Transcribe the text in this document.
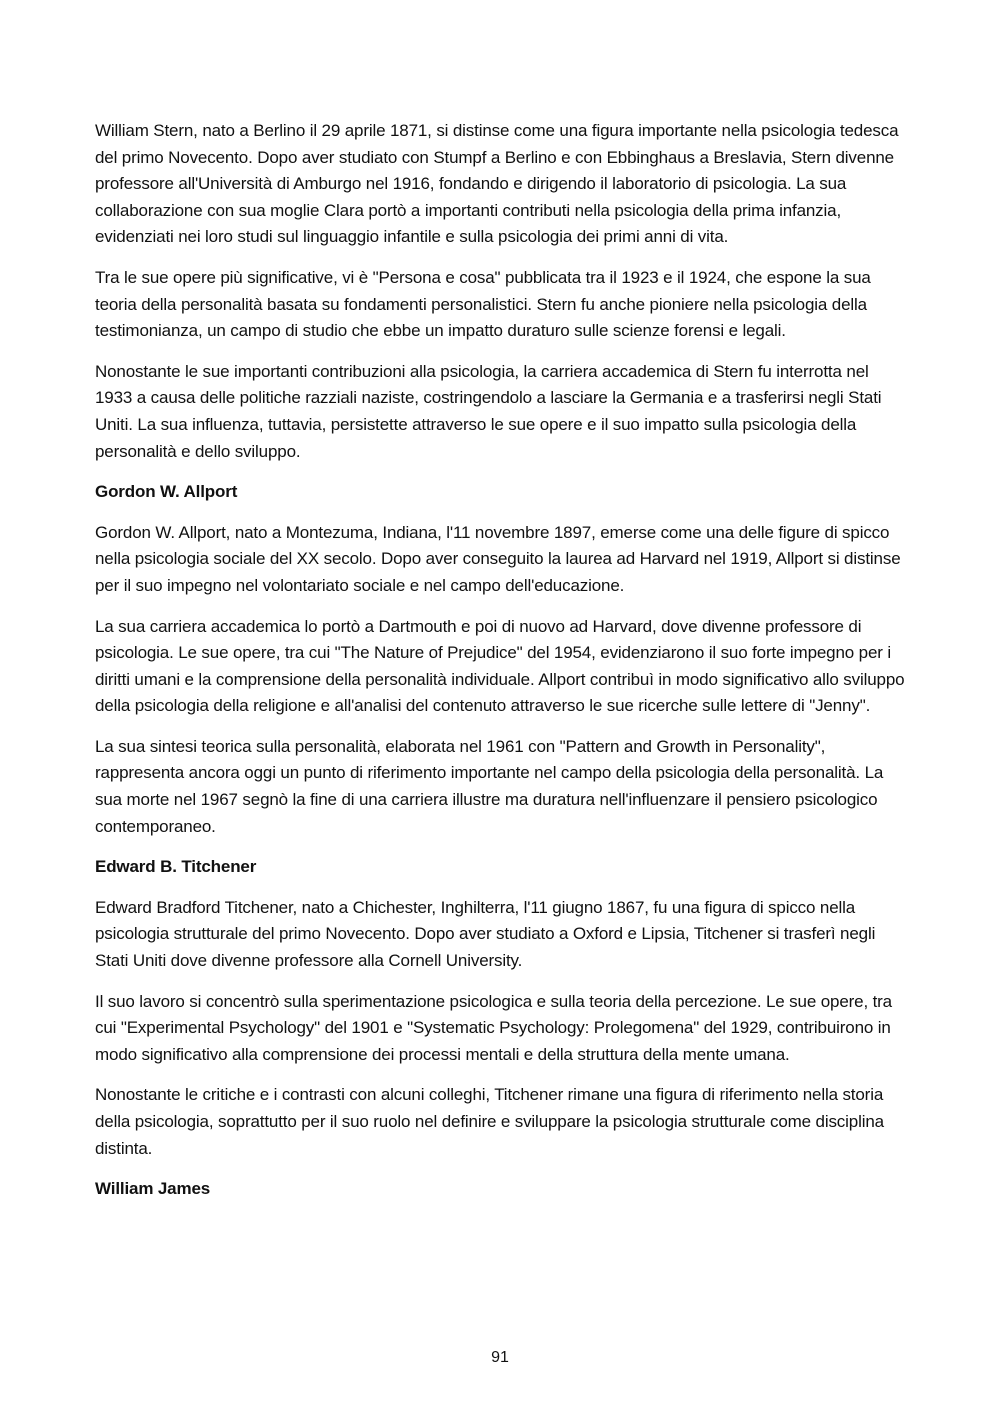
William Stern, nato a Berlino il 29 aprile 1871, si distinse come una figura importante nella psicologia tedesca del primo Novecento. Dopo aver studiato con Stumpf a Berlino e con Ebbinghaus a Breslavia, Stern divenne professore all'Università di Amburgo nel 1916, fondando e dirigendo il laboratorio di psicologia. La sua collaborazione con sua moglie Clara portò a importanti contributi nella psicologia della prima infanzia, evidenziati nei loro studi sul linguaggio infantile e sulla psicologia dei primi anni di vita.

Tra le sue opere più significative, vi è "Persona e cosa" pubblicata tra il 1923 e il 1924, che espone la sua teoria della personalità basata su fondamenti personalistici. Stern fu anche pioniere nella psicologia della testimonianza, un campo di studio che ebbe un impatto duraturo sulle scienze forensi e legali.

Nonostante le sue importanti contribuzioni alla psicologia, la carriera accademica di Stern fu interrotta nel 1933 a causa delle politiche razziali naziste, costringendolo a lasciare la Germania e a trasferirsi negli Stati Uniti. La sua influenza, tuttavia, persistette attraverso le sue opere e il suo impatto sulla psicologia della personalità e dello sviluppo.

Gordon W. Allport

Gordon W. Allport, nato a Montezuma, Indiana, l'11 novembre 1897, emerse come una delle figure di spicco nella psicologia sociale del XX secolo. Dopo aver conseguito la laurea ad Harvard nel 1919, Allport si distinse per il suo impegno nel volontariato sociale e nel campo dell'educazione.

La sua carriera accademica lo portò a Dartmouth e poi di nuovo ad Harvard, dove divenne professore di psicologia. Le sue opere, tra cui "The Nature of Prejudice" del 1954, evidenziarono il suo forte impegno per i diritti umani e la comprensione della personalità individuale. Allport contribuì in modo significativo allo sviluppo della psicologia della religione e all'analisi del contenuto attraverso le sue ricerche sulle lettere di "Jenny".

La sua sintesi teorica sulla personalità, elaborata nel 1961 con "Pattern and Growth in Personality", rappresenta ancora oggi un punto di riferimento importante nel campo della psicologia della personalità. La sua morte nel 1967 segnò la fine di una carriera illustre ma duratura nell'influenzare il pensiero psicologico contemporaneo.

Edward B. Titchener

Edward Bradford Titchener, nato a Chichester, Inghilterra, l'11 giugno 1867, fu una figura di spicco nella psicologia strutturale del primo Novecento. Dopo aver studiato a Oxford e Lipsia, Titchener si trasferì negli Stati Uniti dove divenne professore alla Cornell University.

Il suo lavoro si concentrò sulla sperimentazione psicologica e sulla teoria della percezione. Le sue opere, tra cui "Experimental Psychology" del 1901 e "Systematic Psychology: Prolegomena" del 1929, contribuirono in modo significativo alla comprensione dei processi mentali e della struttura della mente umana.

Nonostante le critiche e i contrasti con alcuni colleghi, Titchener rimane una figura di riferimento nella storia della psicologia, soprattutto per il suo ruolo nel definire e sviluppare la psicologia strutturale come disciplina distinta.

William James

91
